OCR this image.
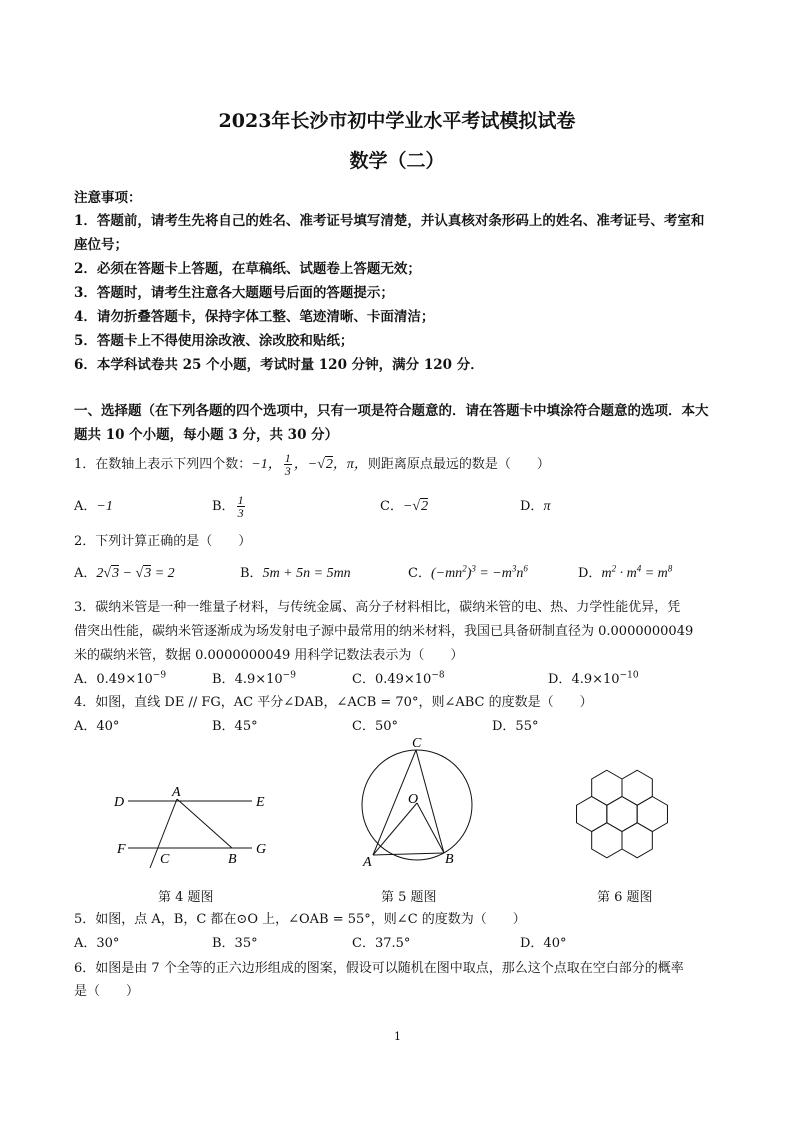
2023年长沙市初中学业水平考试模拟试卷
数学（二）
注意事项：
1．答题前，请考生先将自己的姓名、准考证号填写清楚，并认真核对条形码上的姓名、准考证号、考室和
座位号；
2．必须在答题卡上答题，在草稿纸、试题卷上答题无效；
3．答题时，请考生注意各大题题号后面的答题提示；
4．请勿折叠答题卡，保持字体工整、笔迹清晰、卡面清洁；
5．答题卡上不得使用涂改液、涂改胶和贴纸；
6．本学科试卷共 25 个小题，考试时量 120 分钟，满分 120 分．
一、选择题（在下列各题的四个选项中，只有一项是符合题意的．请在答题卡中填涂符合题意的选项．本大
题共 10 个小题，每小题 3 分，共 30 分）
1．在数轴上表示下列四个数：−1， $\frac{1}{3}$ ，−√2，π，则距离原点最远的数是（　　）
A．−1	B． $\frac{1}{3}$	C．−√2	D．π
2．下列计算正确的是（　　）
A．2√3 − √3 = 2	B．5m + 5n = 5mn	C．$(-mn^2)^3 = -m^3n^6$	D．$m^2 \cdot m^4 = m^8$
3．碳纳米管是一种一维量子材料，与传统金属、高分子材料相比，碳纳米管的电、热、力学性能优异，凭
借突出性能，碳纳米管逐渐成为场发射电子源中最常用的纳米材料，我国已具备研制直径为 0.0000000049
米的碳纳米管，数据 0.0000000049 用科学记数法表示为（　　）
A．$0.49\times 10^{-9}$	B．$4.9\times 10^{-9}$	C．$0.49\times 10^{-8}$	D．$4.9\times 10^{-10}$
4．如图，直线 DE // FG，AC 平分∠DAB，∠ACB = 70°，则∠ABC 的度数是（　　）
A．40°	B．45°	C．50°	D．55°
D
A
E
F
C	B
G
第 4 题图
C
O
A	B
第 5 题图	第 6 题图
5．如图，点 A，B，C 都在⊙O 上，∠OAB = 55°，则∠C 的度数为（　　）
A．30°	B．35°	C．37.5°	D．40°
6．如图是由 7 个全等的正六边形组成的图案，假设可以随机在图中取点，那么这个点取在空白部分的概率
是（　　）
1
